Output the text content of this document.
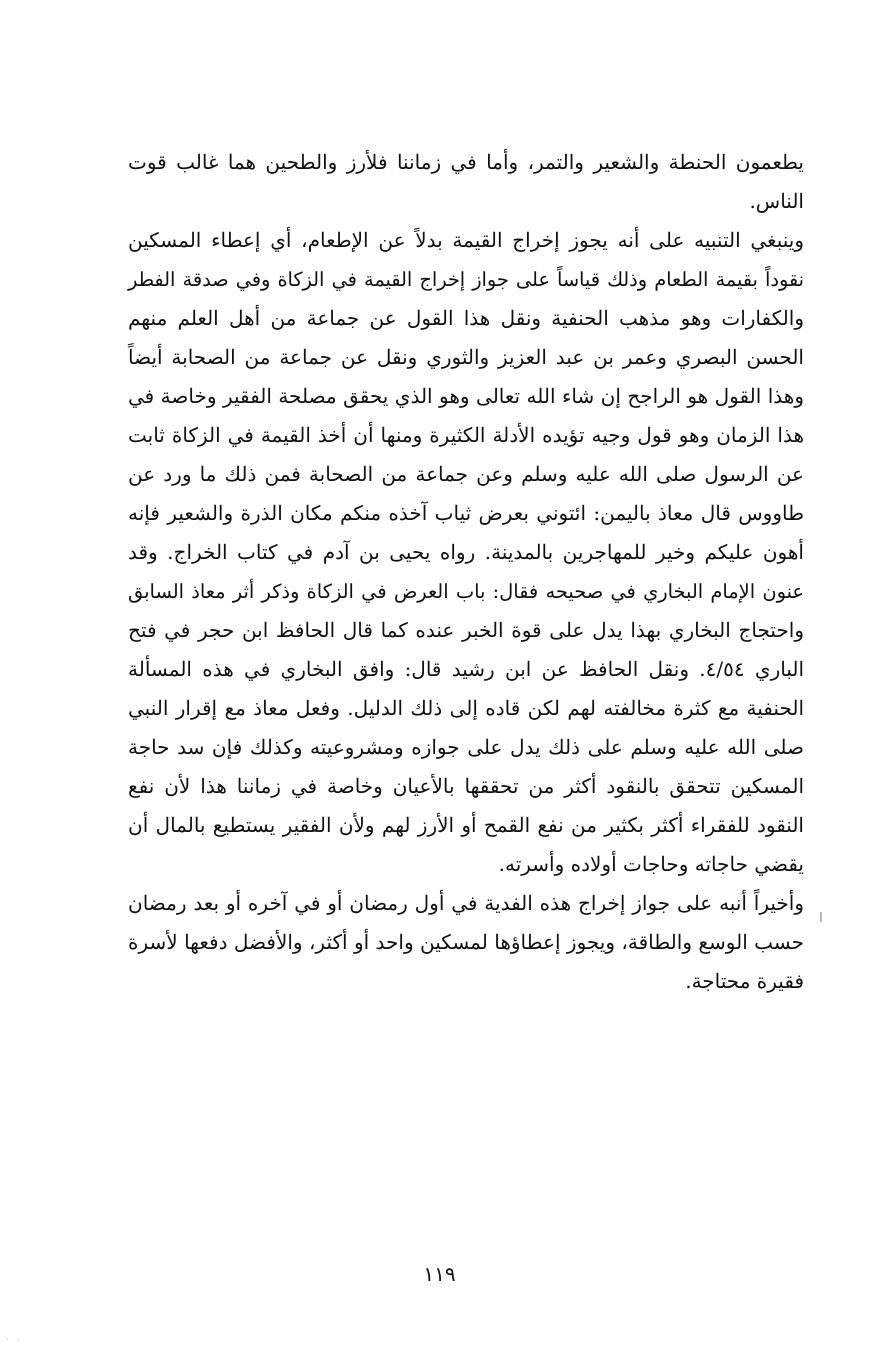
يطعمون الحنطة والشعير والتمر، وأما في زماننا فلأرز والطحين هما غالب قوت
الناس.
وينبغي التنبيه على أنه يجوز إخراج القيمة بدلاً عن الإطعام، أي إعطاء المسكين
نقوداً بقيمة الطعام وذلك قياساً على جواز إخراج القيمة في الزكاة وفي صدقة الفطر
والكفارات وهو مذهب الحنفية ونقل هذا القول عن جماعة من أهل العلم منهم
الحسن البصري وعمر بن عبد العزيز والثوري ونقل عن جماعة من الصحابة أيضاً
وهذا القول هو الراجح إن شاء الله تعالى وهو الذي يحقق مصلحة الفقير وخاصة في
هذا الزمان وهو قول وجيه تؤيده الأدلة الكثيرة ومنها أن أخذ القيمة في الزكاة ثابت
عن الرسول صلى الله عليه وسلم وعن جماعة من الصحابة فمن ذلك ما ورد عن
طاووس قال معاذ باليمن: ائتوني بعرض ثياب آخذه منكم مكان الذرة والشعير فإنه
أهون عليكم وخير للمهاجرين بالمدينة. رواه يحيى بن آدم في كتاب الخراج. وقد
عنون الإمام البخاري في صحيحه فقال: باب العرض في الزكاة وذكر أثر معاذ السابق
واحتجاج البخاري بهذا يدل على قوة الخبر عنده كما قال الحافظ ابن حجر في فتح
الباري ٤/٥٤. ونقل الحافظ عن ابن رشيد قال: وافق البخاري في هذه المسألة
الحنفية مع كثرة مخالفته لهم لكن قاده إلى ذلك الدليل. وفعل معاذ مع إقرار النبي
صلى الله عليه وسلم على ذلك يدل على جوازه ومشروعيته وكذلك فإن سد حاجة
المسكين تتحقق بالنقود أكثر من تحققها بالأعيان وخاصة في زماننا هذا لأن نفع
النقود للفقراء أكثر بكثير من نفع القمح أو الأرز لهم ولأن الفقير يستطيع بالمال أن
يقضي حاجاته وحاجات أولاده وأسرته.
وأخيراً أنبه على جواز إخراج هذه الفدية في أول رمضان أو في آخره أو بعد رمضان
حسب الوسع والطاقة، ويجوز إعطاؤها لمسكين واحد أو أكثر، والأفضل دفعها لأسرة
فقيرة محتاجة.
١١٩
· ·
